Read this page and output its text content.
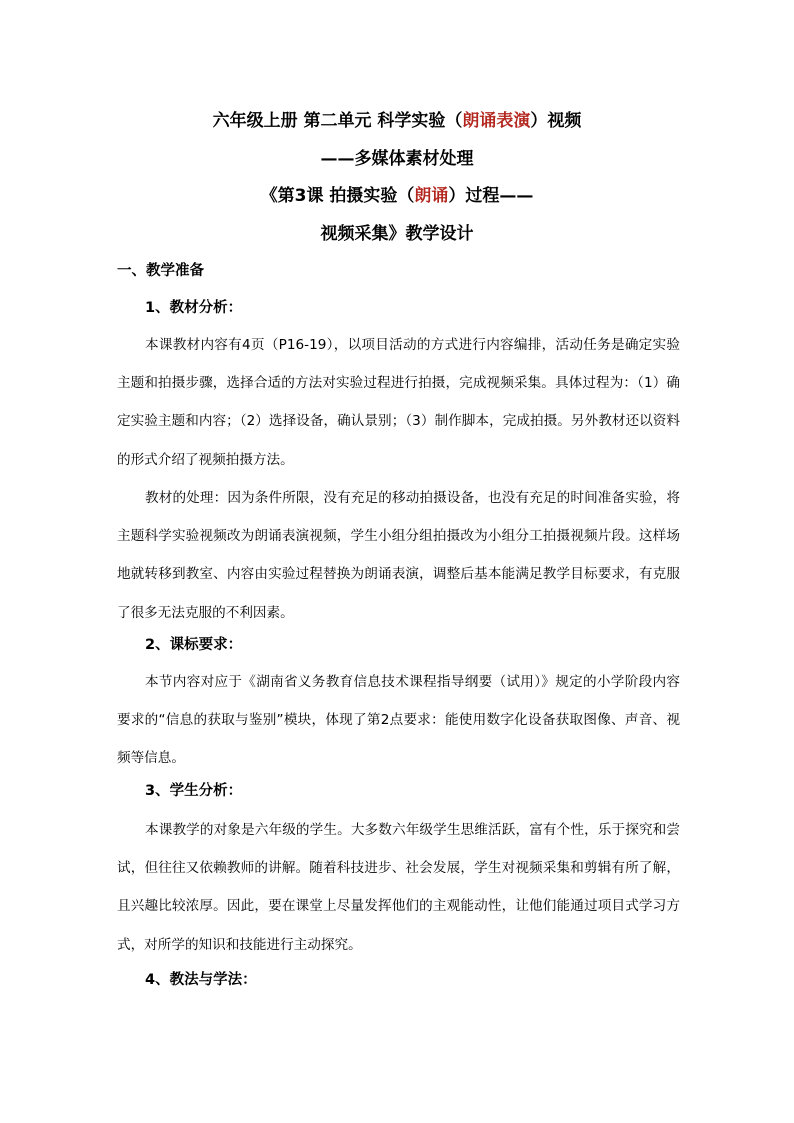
六年级上册 第二单元 科学实验（朗诵表演）视频
——多媒体素材处理
《第3课 拍摄实验（朗诵）过程——
视频采集》教学设计
一、教学准备
1、教材分析：

本课教材内容有4页（P16-19），以项目活动的方式进行内容编排，活动任务是确定实验主题和拍摄步骤，选择合适的方法对实验过程进行拍摄，完成视频采集。具体过程为：（1）确定实验主题和内容；（2）选择设备，确认景别；（3）制作脚本，完成拍摄。另外教材还以资料的形式介绍了视频拍摄方法。

教材的处理：因为条件所限，没有充足的移动拍摄设备，也没有充足的时间准备实验，将主题科学实验视频改为朗诵表演视频，学生小组分组拍摄改为小组分工拍摄视频片段。这样场地就转移到教室、内容由实验过程替换为朗诵表演，调整后基本能满足教学目标要求，有克服了很多无法克服的不利因素。

2、课标要求：

本节内容对应于《湖南省义务教育信息技术课程指导纲要（试用）》规定的小学阶段内容要求的“信息的获取与鉴别”模块，体现了第2点要求：能使用数字化设备获取图像、声音、视频等信息。

3、学生分析：

本课教学的对象是六年级的学生。大多数六年级学生思维活跃，富有个性，乐于探究和尝试，但往往又依赖教师的讲解。随着科技进步、社会发展，学生对视频采集和剪辑有所了解，且兴趣比较浓厚。因此，要在课堂上尽量发挥他们的主观能动性，让他们能通过项目式学习方式，对所学的知识和技能进行主动探究。

4、教法与学法：
